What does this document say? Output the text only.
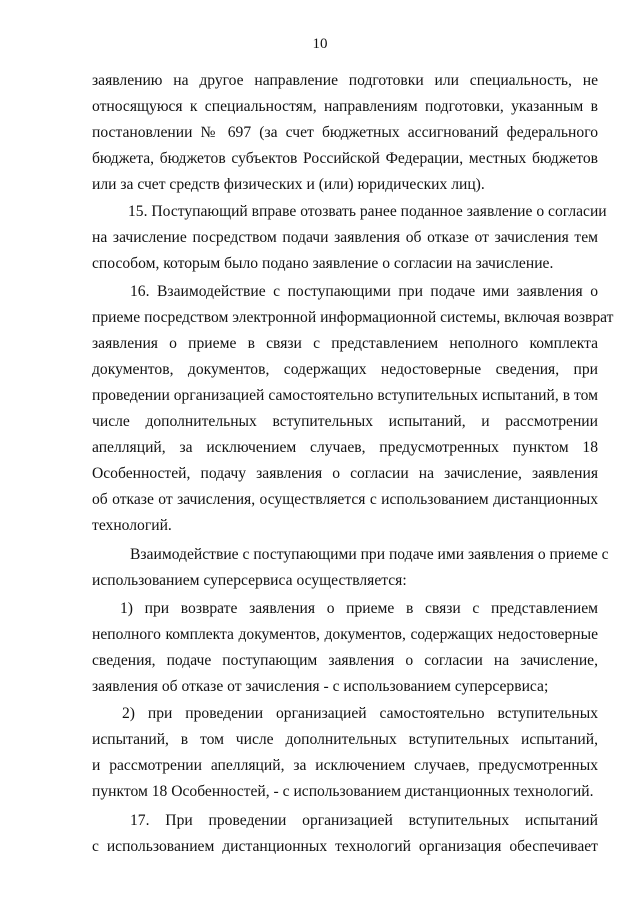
10
заявлению на другое направление подготовки или специальность, не
относящуюся к специальностям, направлениям подготовки, указанным в
постановлении № 697 (за счет бюджетных ассигнований федерального
бюджета, бюджетов субъектов Российской Федерации, местных бюджетов
или за счет средств физических и (или) юридических лиц).
15. Поступающий вправе отозвать ранее поданное заявление о согласии
на зачисление посредством подачи заявления об отказе от зачисления тем
способом, которым было подано заявление о согласии на зачисление.
16. Взаимодействие с поступающими при подаче ими заявления о
приеме посредством электронной информационной системы, включая возврат
заявления о приеме в связи с представлением неполного комплекта
документов, документов, содержащих недостоверные сведения, при
проведении организацией самостоятельно вступительных испытаний, в том
числе дополнительных вступительных испытаний, и рассмотрении
апелляций, за исключением случаев, предусмотренных пунктом 18
Особенностей, подачу заявления о согласии на зачисление, заявления
об отказе от зачисления, осуществляется с использованием дистанционных
технологий.
Взаимодействие с поступающими при подаче ими заявления о приеме с
использованием суперсервиса осуществляется:
1) при возврате заявления о приеме в связи с представлением
неполного комплекта документов, документов, содержащих недостоверные
сведения, подаче поступающим заявления о согласии на зачисление,
заявления об отказе от зачисления - с использованием суперсервиса;
2) при проведении организацией самостоятельно вступительных
испытаний, в том числе дополнительных вступительных испытаний,
и рассмотрении апелляций, за исключением случаев, предусмотренных
пунктом 18 Особенностей, - с использованием дистанционных технологий.
17. При проведении организацией вступительных испытаний
с использованием дистанционных технологий организация обеспечивает
